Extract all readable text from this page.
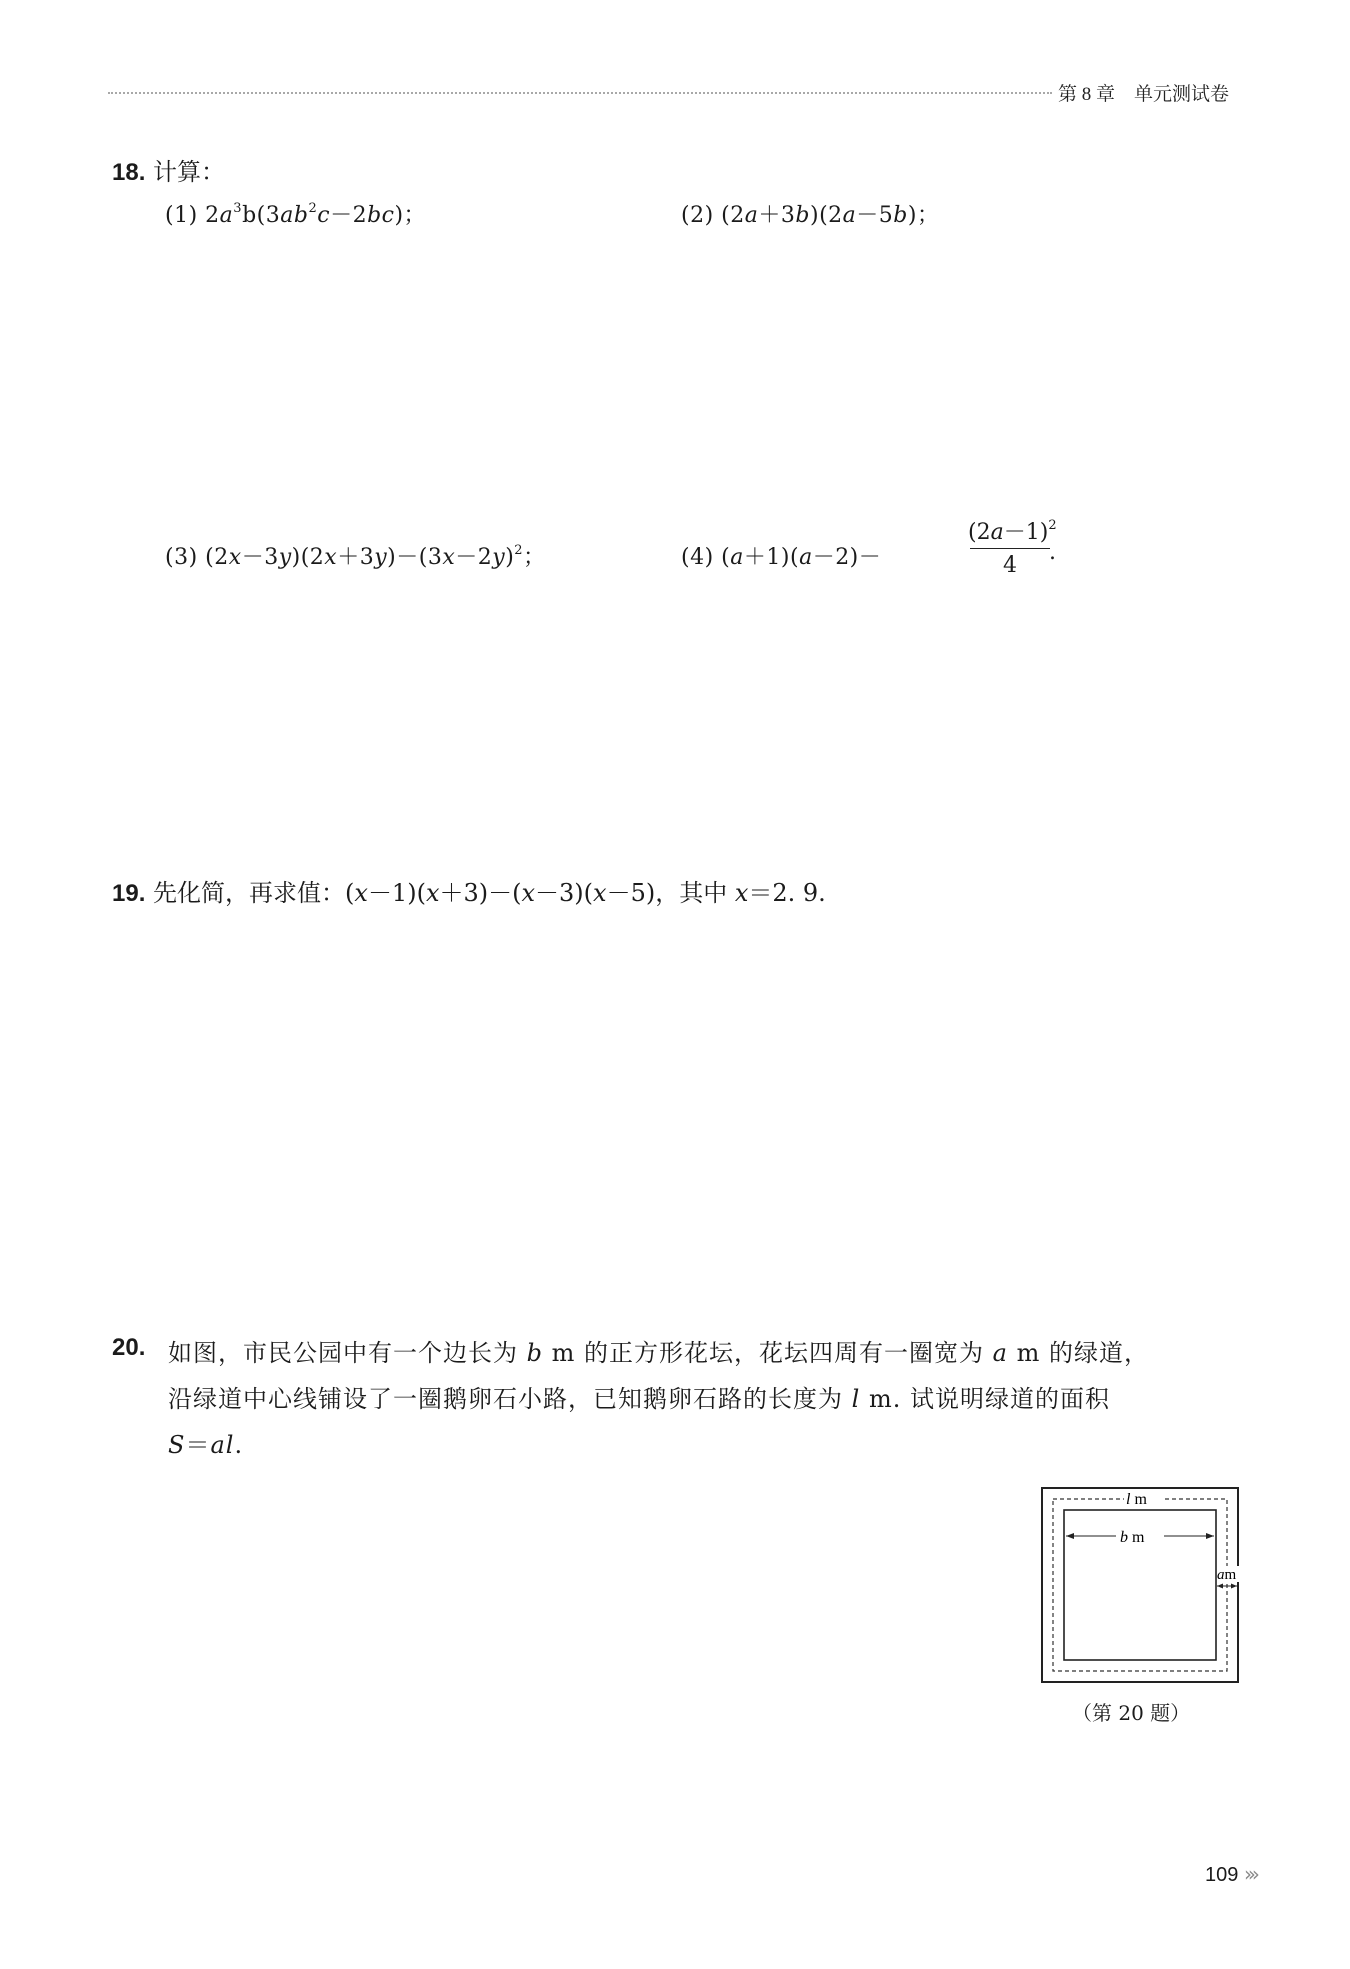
第 8 章　单元测试卷
18. 计算：
(1) $2a^3b(3ab^2c-2bc)$；	(2) (2a＋3b)(2a－5b)；
(3) $(2x-3y)(2x+3y)-(3x-2y)^2$；	(4) (a＋1)(a－2)－
$(2a-1)^2$
4
.
19. 先化简，再求值：(x－1)(x＋3)－(x－3)(x－5)，其中 x＝2. 9.
20. 如图，市民公园中有一个边长为 b m 的正方形花坛，花坛四周有一圈宽为 a m 的绿道，
沿绿道中心线铺设了一圈鹅卵石小路，已知鹅卵石路的长度为 l m. 试说明绿道的面积
S＝al.
b m
l m
am
（第 20 题）
109 ›››
